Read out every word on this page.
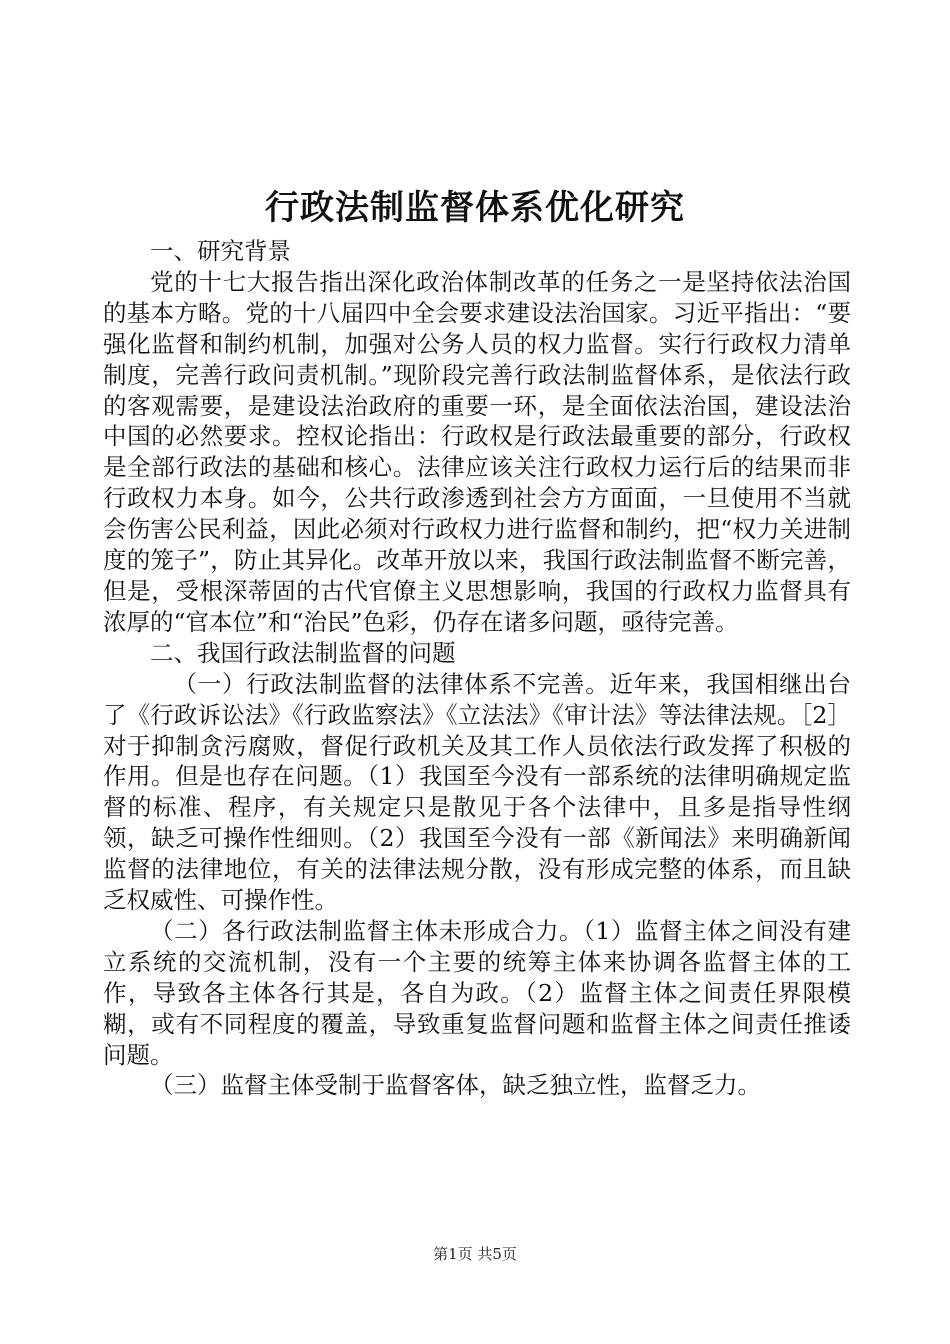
行政法制监督体系优化研究

一、研究背景

党的十七大报告指出深化政治体制改革的任务之一是坚持依法治国的基本方略。党的十八届四中全会要求建设法治国家。习近平指出：“要强化监督和制约机制，加强对公务人员的权力监督。实行行政权力清单制度，完善行政问责机制。”现阶段完善行政法制监督体系，是依法行政的客观需要，是建设法治政府的重要一环，是全面依法治国，建设法治中国的必然要求。控权论指出：行政权是行政法最重要的部分，行政权是全部行政法的基础和核心。法律应该关注行政权力运行后的结果而非行政权力本身。如今，公共行政渗透到社会方方面面，一旦使用不当就会伤害公民利益，因此必须对行政权力进行监督和制约，把“权力关进制度的笼子”，防止其异化。改革开放以来，我国行政法制监督不断完善，但是，受根深蒂固的古代官僚主义思想影响，我国的行政权力监督具有浓厚的“官本位”和“治民”色彩，仍存在诸多问题，亟待完善。

二、我国行政法制监督的问题

（一）行政法制监督的法律体系不完善。近年来，我国相继出台了《行政诉讼法》《行政监察法》《立法法》《审计法》等法律法规。［2］对于抑制贪污腐败，督促行政机关及其工作人员依法行政发挥了积极的作用。但是也存在问题。（1）我国至今没有一部系统的法律明确规定监督的标准、程序，有关规定只是散见于各个法律中，且多是指导性纲领，缺乏可操作性细则。（2）我国至今没有一部《新闻法》来明确新闻监督的法律地位，有关的法律法规分散，没有形成完整的体系，而且缺乏权威性、可操作性。

（二）各行政法制监督主体未形成合力。（1）监督主体之间没有建立系统的交流机制，没有一个主要的统筹主体来协调各监督主体的工作，导致各主体各行其是，各自为政。（2）监督主体之间责任界限模糊，或有不同程度的覆盖，导致重复监督问题和监督主体之间责任推诿问题。

（三）监督主体受制于监督客体，缺乏独立性，监督乏力。

第1页 共5页
